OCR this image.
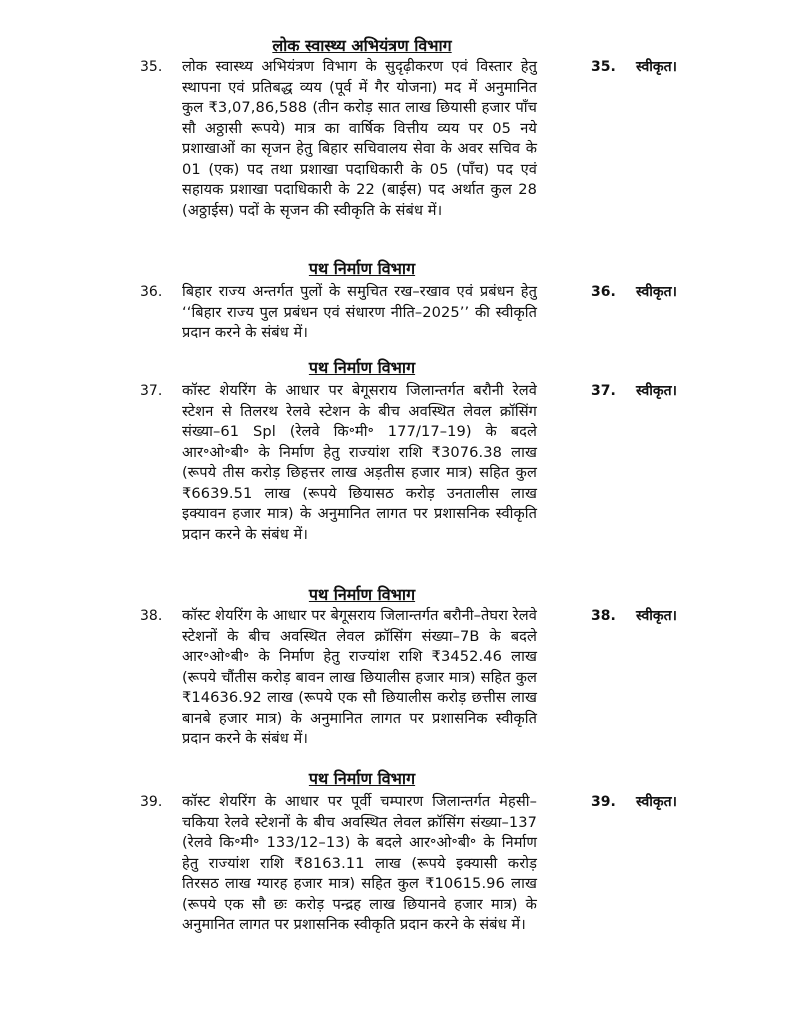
लोक स्वास्थ्य अभियंत्रण विभाग
35.	लोक स्वास्थ्य अभियंत्रण विभाग के सुदृढ़ीकरण एवं विस्तार हेतु स्थापना एवं प्रतिबद्ध व्यय (पूर्व में गैर योजना) मद में अनुमानित कुल ₹3,07,86,588 (तीन करोड़ सात लाख छियासी हजार पाँच सौ अठ्ठासी रूपये) मात्र का वार्षिक वित्तीय व्यय पर 05 नये प्रशाखाओं का सृजन हेतु बिहार सचिवालय सेवा के अवर सचिव के 01 (एक) पद तथा प्रशाखा पदाधिकारी के 05 (पाँच) पद एवं सहायक प्रशाखा पदाधिकारी के 22 (बाईस) पद अर्थात कुल 28 (अठ्ठाईस) पदों के सृजन की स्वीकृति के संबंध में।
35.	स्वीकृत।
पथ निर्माण विभाग
36.	बिहार राज्य अन्तर्गत पुलों के समुचित रख–रखाव एवं प्रबंधन हेतु ‘‘बिहार राज्य पुल प्रबंधन एवं संधारण नीति–2025’’ की स्वीकृति प्रदान करने के संबंध में।
36.	स्वीकृत।
पथ निर्माण विभाग
37.	कॉस्ट शेयरिंग के आधार पर बेगूसराय जिलान्तर्गत बरौनी रेलवे स्टेशन से तिलरथ रेलवे स्टेशन के बीच अवस्थित लेवल क्रॉसिंग संख्या–61 Spl (रेलवे कि॰मी॰ 177/17–19) के बदले आर॰ओ॰बी॰ के निर्माण हेतु राज्यांश राशि ₹3076.38 लाख (रूपये तीस करोड़ छिहत्तर लाख अड़तीस हजार मात्र) सहित कुल ₹6639.51 लाख (रूपये छियासठ करोड़ उनतालीस लाख इक्यावन हजार मात्र) के अनुमानित लागत पर प्रशासनिक स्वीकृति प्रदान करने के संबंध में।
37.	स्वीकृत।
पथ निर्माण विभाग
38.	कॉस्ट शेयरिंग के आधार पर बेगूसराय जिलान्तर्गत बरौनी–तेघरा रेलवे स्टेशनों के बीच अवस्थित लेवल क्रॉसिंग संख्या–7B के बदले आर॰ओ॰बी॰ के निर्माण हेतु राज्यांश राशि ₹3452.46 लाख (रूपये चौंतीस करोड़ बावन लाख छियालीस हजार मात्र) सहित कुल ₹14636.92 लाख (रूपये एक सौ छियालीस करोड़ छत्तीस लाख बानबे हजार मात्र) के अनुमानित लागत पर प्रशासनिक स्वीकृति प्रदान करने के संबंध में।
38.	स्वीकृत।
पथ निर्माण विभाग
39.	कॉस्ट शेयरिंग के आधार पर पूर्वी चम्पारण जिलान्तर्गत मेहसी–चकिया रेलवे स्टेशनों के बीच अवस्थित लेवल क्रॉसिंग संख्या–137 (रेलवे कि॰मी॰ 133/12–13) के बदले आर॰ओ॰बी॰ के निर्माण हेतु राज्यांश राशि ₹8163.11 लाख (रूपये इक्यासी करोड़ तिरसठ लाख ग्यारह हजार मात्र) सहित कुल ₹10615.96 लाख (रूपये एक सौ छः करोड़ पन्द्रह लाख छियानवे हजार मात्र) के अनुमानित लागत पर प्रशासनिक स्वीकृति प्रदान करने के संबंध में।
39.	स्वीकृत।
